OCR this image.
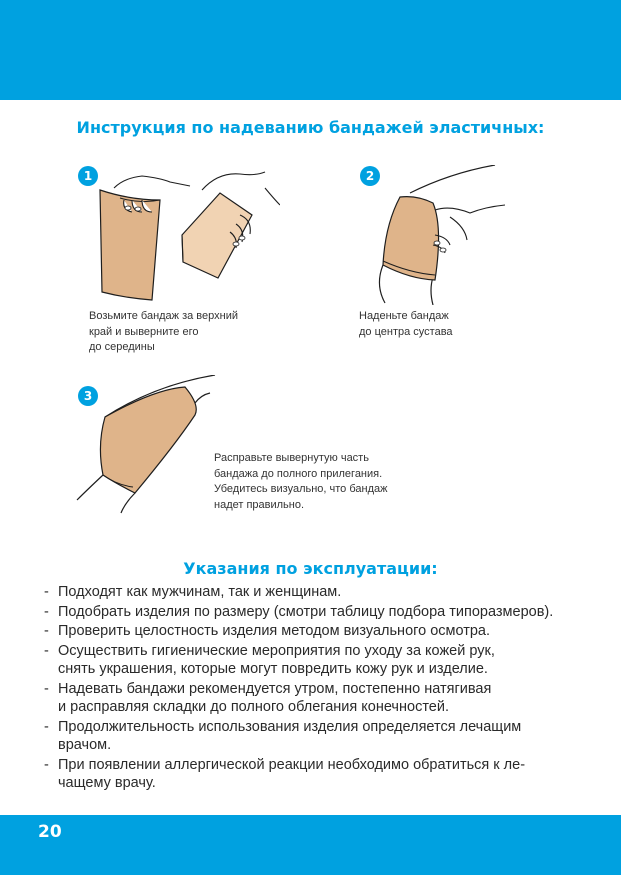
Инструкция по надеванию бандажей эластичных:
1
Возьмите бандаж за верхний
край и выверните его
до середины
2
Наденьте бандаж
до центра сустава
3
Расправьте вывернутую часть
бандажа до полного прилегания.
Убедитесь визуально, что бандаж
надет правильно.
Указания по эксплуатации:
- Подходят как мужчинам, так и женщинам.
- Подобрать изделия по размеру (смотри таблицу подбора типоразмеров).
- Проверить целостность изделия методом визуального осмотра.
- Осуществить гигиенические мероприятия по уходу за кожей рук,
снять украшения, которые могут повредить кожу рук и изделие.
- Надевать бандажи рекомендуется утром, постепенно натягивая
и расправляя складки до полного облегания конечностей.
- Продолжительность использования изделия определяется лечащим
врачом.
- При появлении аллергической реакции необходимо обратиться к ле-
чащему врачу.
20
